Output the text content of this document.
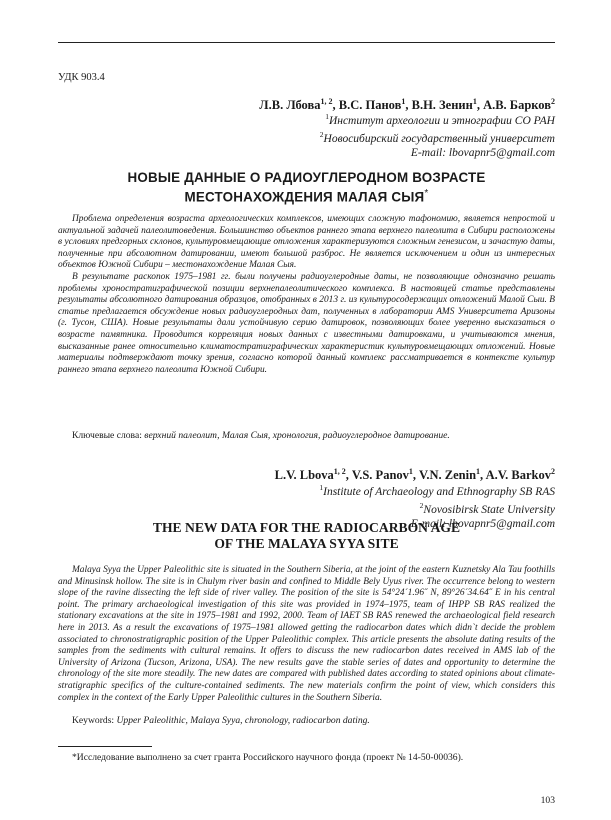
УДК 903.4
Л.В. Лбова$^{1, 2}$, В.С. Панов$^1$, В.Н. Зенин$^1$, А.В. Барков$^2$
$^1$Институт археологии и этнографии СО РАН
$^2$Новосибирский государственный университет
E-mail: lbovapnr5@gmail.com
НОВЫЕ ДАННЫЕ О РАДИОУГЛЕРОДНОМ ВОЗРАСТЕ
МЕСТОНАХОЖДЕНИЯ МАЛАЯ СЫЯ*

Проблема определения возраста археологических комплексов, имеющих сложную тафономию, является непростой и актуальной задачей палеолитоведения. Большинство объектов раннего этапа верхнего палеолита в Сибири расположены в условиях предгорных склонов, культуровмещающие отложения характеризуются сложным генезисом, и зачастую даты, полученные при абсолютном датировании, имеют большой разброс. Не является исключением и один из интересных объектов Южной Сибири – местонахождение Малая Сыя.

В результате раскопок 1975–1981 гг. были получены радиоуглеродные даты, не позволяющие однозначно решать проблемы хроностратиграфической позиции верхнепалеолитического комплекса. В настоящей статье представлены результаты абсолютного датирования образцов, отобранных в 2013 г. из культуросодержащих отложений Малой Сыи. В статье предлагается обсуждение новых радиоуглеродных дат, полученных в лаборатории AMS Университета Аризоны (г. Тусон, США). Новые результаты дали устойчивую серию датировок, позволяющих более уверенно высказаться о возрасте памятника. Проводится корреляция новых данных с известными датировками, и учитываются мнения, высказанные ранее относительно климатостратиграфических характеристик культуровмещающих отложений. Новые материалы подтверждают точку зрения, согласно которой данный комплекс рассматривается в контексте культур раннего этапа верхнего палеолита Южной Сибири.

Ключевые слова: верхний палеолит, Малая Сыя, хронология, радиоуглеродное датирование.
L.V. Lbova$^{1, 2}$, V.S. Panov$^1$, V.N. Zenin$^1$, A.V. Barkov$^2$
$^1$Institute of Archaeology and Ethnography SB RAS
$^2$Novosibirsk State University
E-mail: lbovapnr5@gmail.com
THE NEW DATA FOR THE RADIOCARBON AGE
OF THE MALAYA SYYA SITE

Malaya Syya the Upper Paleolithic site is situated in the Southern Siberia, at the joint of the eastern Kuznetsky Ala Tau foothills and Minusinsk hollow. The site is in Chulym river basin and confined to Middle Bely Uyus river. The occurrence belong to western slope of the ravine dissecting the left side of river valley. The position of the site is 54°24´1.96˝ N, 89°26´34.64˝ E in his central point. The primary archaeological investigation of this site was provided in 1974–1975, team of IHPP SB RAS realized the stationary excavations at the site in 1975–1981 and 1992, 2000. Team of IAET SB RAS renewed the archaeological field research here in 2013. As a result the excavations of 1975–1981 allowed getting the radiocarbon dates which didn`t decide the problem associated to chronostratigraphic position of the Upper Paleolithic complex. This article presents the absolute dating results of the samples from the sediments with cultural remains. It offers to discuss the new radiocarbon dates received in AMS lab of the University of Arizona (Tucson, Arizona, USA). The new results gave the stable series of dates and opportunity to determine the chronology of the site more steadily. The new dates are compared with published dates according to stated opinions about climate-stratigraphic specifics of the culture-contained sediments. The new materials confirm the point of view, which considers this complex in the context of the Early Upper Paleolithic cultures in the Southern Siberia.

Keywords: Upper Paleolithic, Malaya Syya, chronology, radiocarbon dating.
*Исследование выполнено за счет гранта Российского научного фонда (проект № 14-50-00036).
103
